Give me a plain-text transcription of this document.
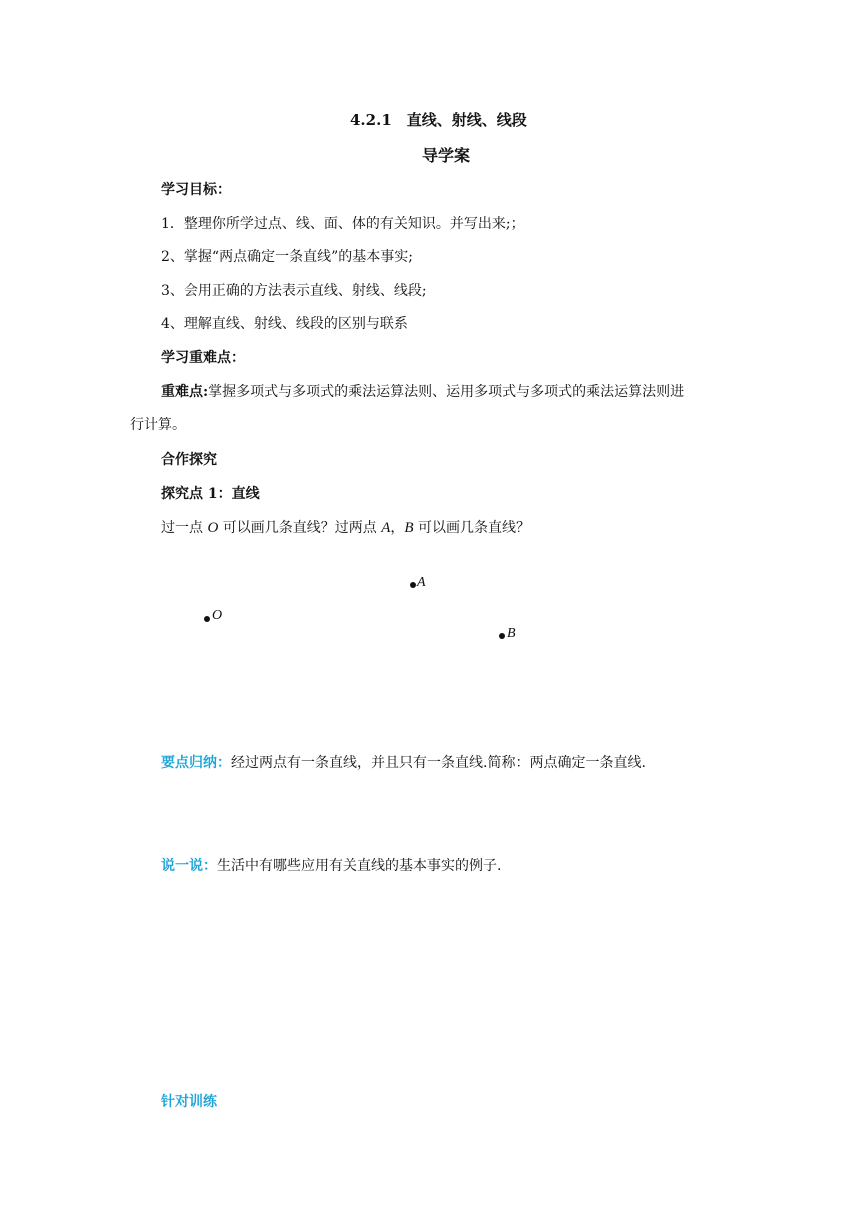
4.2.1　直线、射线、线段
导学案
学习目标：
1．整理你所学过点、线、面、体的有关知识。并写出来;；
2、掌握“两点确定一条直线”的基本事实;
3、会用正确的方法表示直线、射线、线段;
4、理解直线、射线、线段的区别与联系
学习重难点：
重难点:掌握多项式与多项式的乘法运算法则、运用多项式与多项式的乘法运算法则进
行计算。
合作探究
探究点 1：直线
过一点 O 可以画几条直线？过两点 A，B 可以画几条直线？
A
O
B
要点归纳：经过两点有一条直线，并且只有一条直线.简称：两点确定一条直线.
说一说：生活中有哪些应用有关直线的基本事实的例子.
针对训练
